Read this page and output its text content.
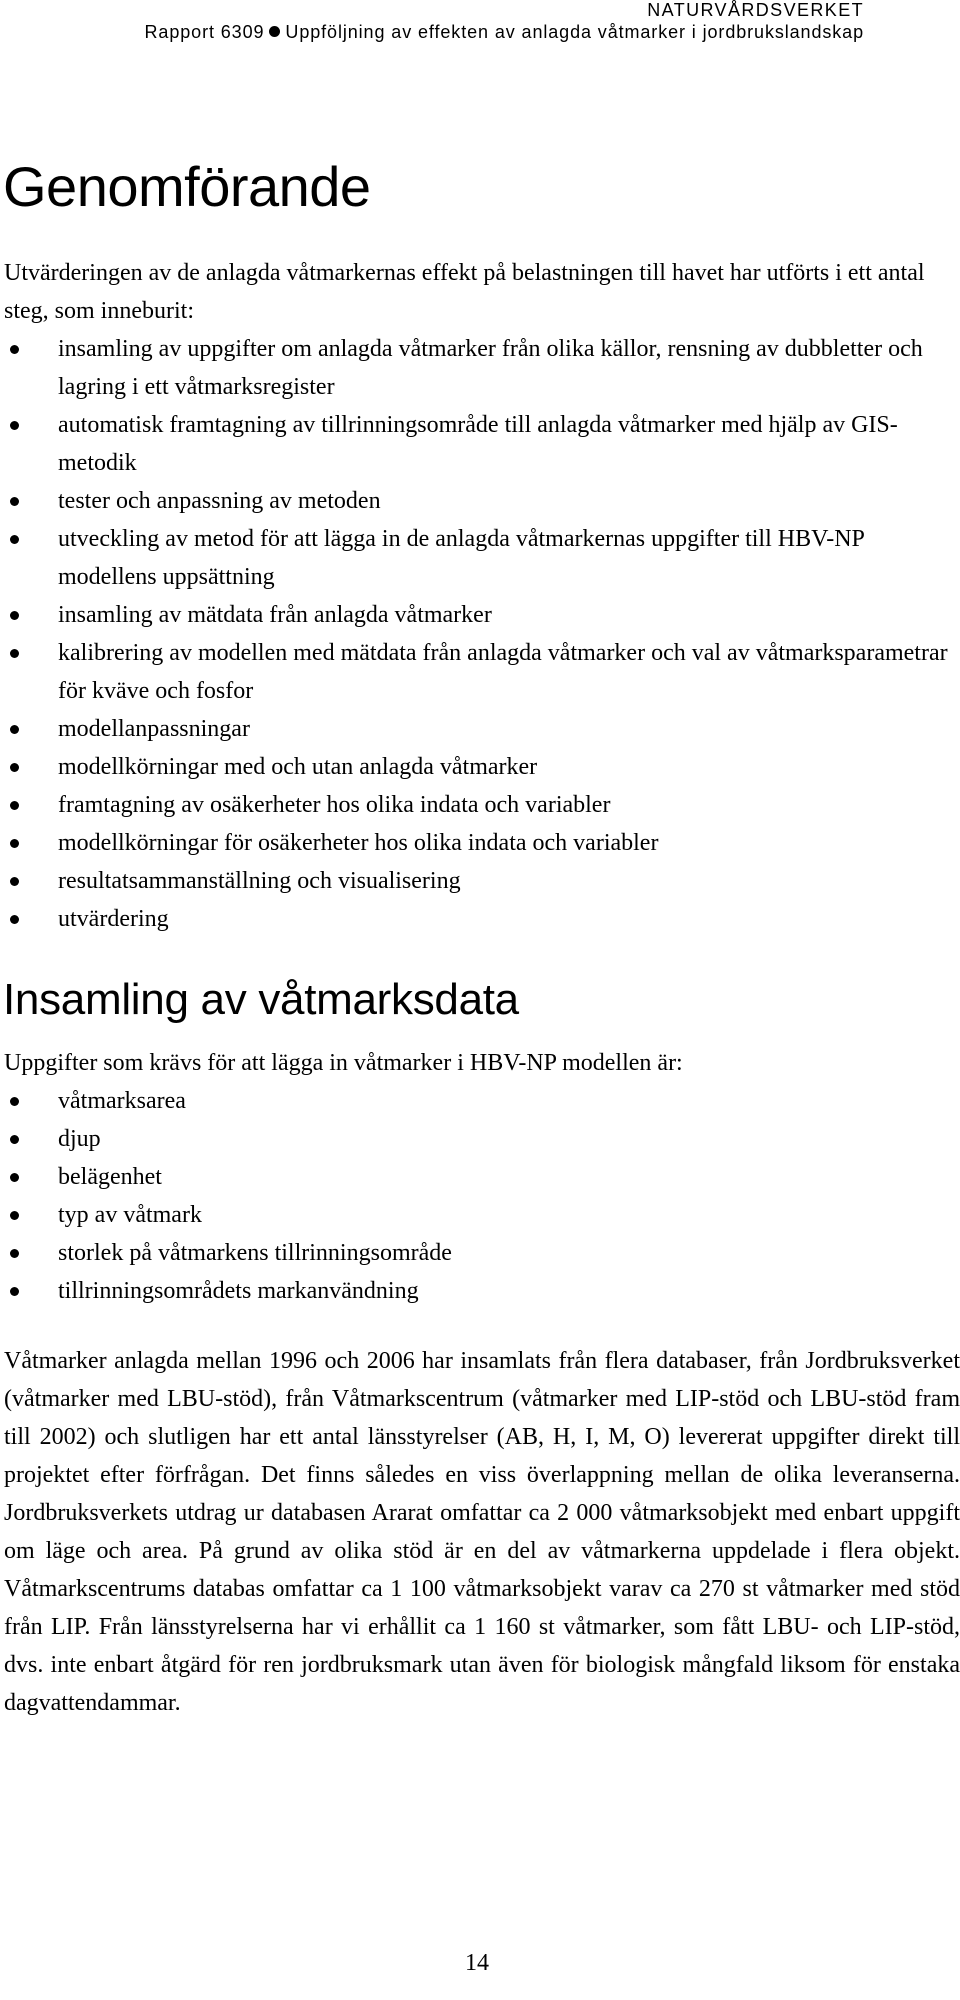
NATURVÅRDSVERKET
Rapport 6309 Uppföljning av effekten av anlagda våtmarker i jordbrukslandskap
Genomförande

Utvärderingen av de anlagda våtmarkernas effekt på belastningen till havet har utförts i ett antal steg, som inneburit:

insamling av uppgifter om anlagda våtmarker från olika källor, rensning av dubbletter och lagring i ett våtmarksregister
automatisk framtagning av tillrinningsområde till anlagda våtmarker med hjälp av GIS-metodik
tester och anpassning av metoden
utveckling av metod för att lägga in de anlagda våtmarkernas uppgifter till HBV-NP modellens uppsättning
insamling av mätdata från anlagda våtmarker
kalibrering av modellen med mätdata från anlagda våtmarker och val av våtmarksparametrar för kväve och fosfor
modellanpassningar
modellkörningar med och utan anlagda våtmarker
framtagning av osäkerheter hos olika indata och variabler
modellkörningar för osäkerheter hos olika indata och variabler
resultatsammanställning och visualisering
utvärdering
Insamling av våtmarksdata

Uppgifter som krävs för att lägga in våtmarker i HBV-NP modellen är:

våtmarksarea
djup
belägenhet
typ av våtmark
storlek på våtmarkens tillrinningsområde
tillrinningsområdets markanvändning

Våtmarker anlagda mellan 1996 och 2006 har insamlats från flera databaser, från Jordbruksverket (våtmarker med LBU-stöd), från Våtmarkscentrum (våtmarker med LIP-stöd och LBU-stöd fram till 2002) och slutligen har ett antal länsstyrelser (AB, H, I, M, O) levererat uppgifter direkt till projektet efter förfrågan. Det finns således en viss överlappning mellan de olika leveranserna. Jordbruksverkets utdrag ur databasen Ararat omfattar ca 2 000 våtmarksobjekt med enbart uppgift om läge och area. På grund av olika stöd är en del av våtmarkerna uppdelade i flera objekt. Våtmarkscentrums databas omfattar ca 1 100 våtmarksobjekt varav ca 270 st våtmarker med stöd från LIP. Från länsstyrelserna har vi erhållit ca 1 160 st våtmarker, som fått LBU- och LIP-stöd, dvs. inte enbart åtgärd för ren jordbruksmark utan även för biologisk mångfald liksom för enstaka dagvattendammar.

14
